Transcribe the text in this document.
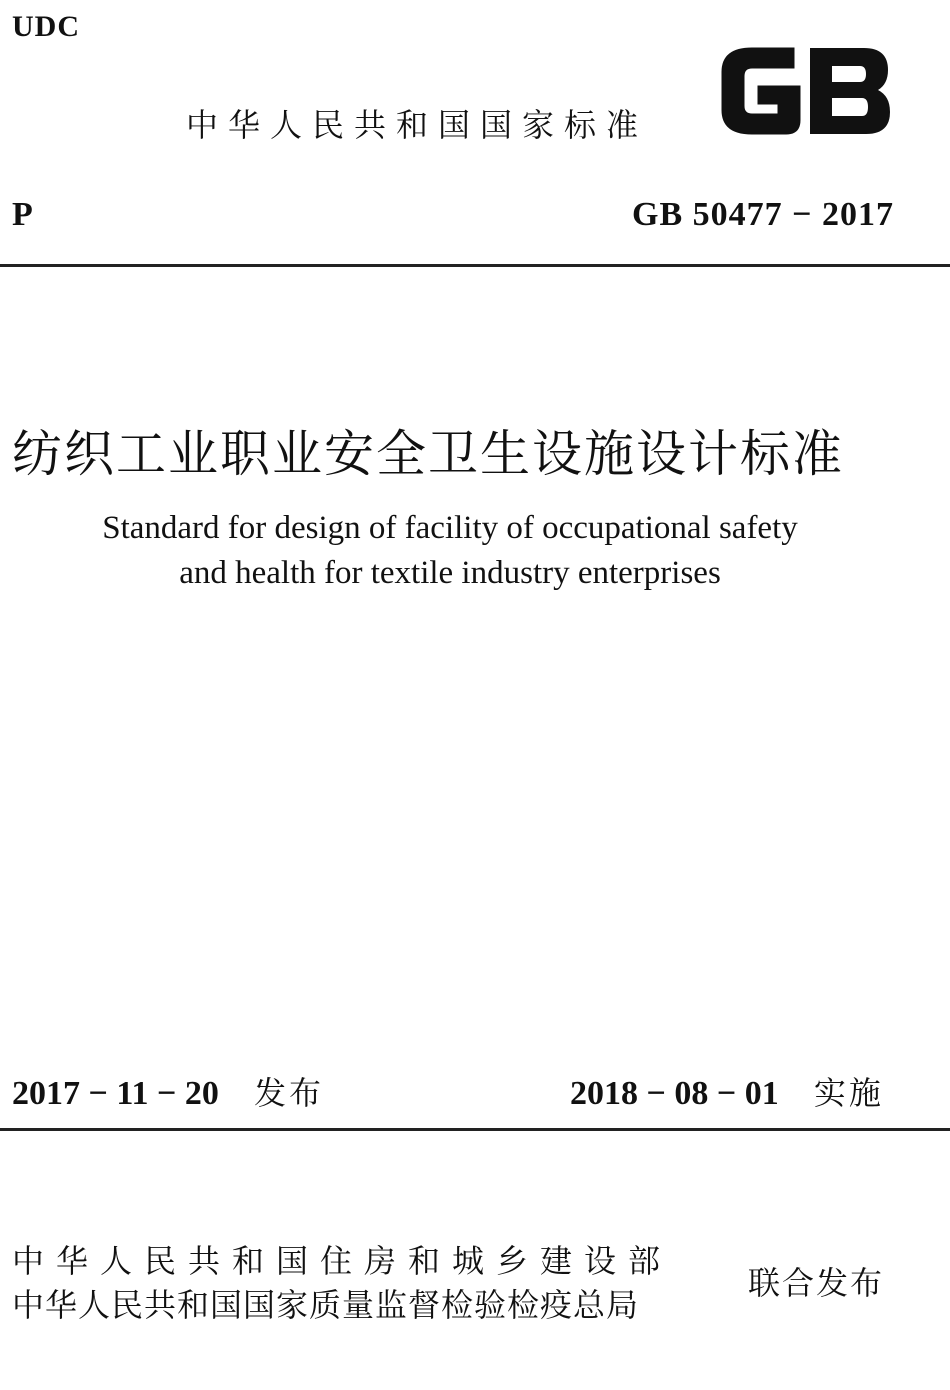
UDC
中华人民共和国国家标准
P	GB 50477 − 2017
纺织工业职业安全卫生设施设计标准
Standard for design of facility of occupational safety
and health for textile industry enterprises
2017 − 11 − 20 发布	2018 − 08 − 01 实施
中华人民共和国住房和城乡建设部
中华人民共和国国家质量监督检验检疫总局
联合发布
